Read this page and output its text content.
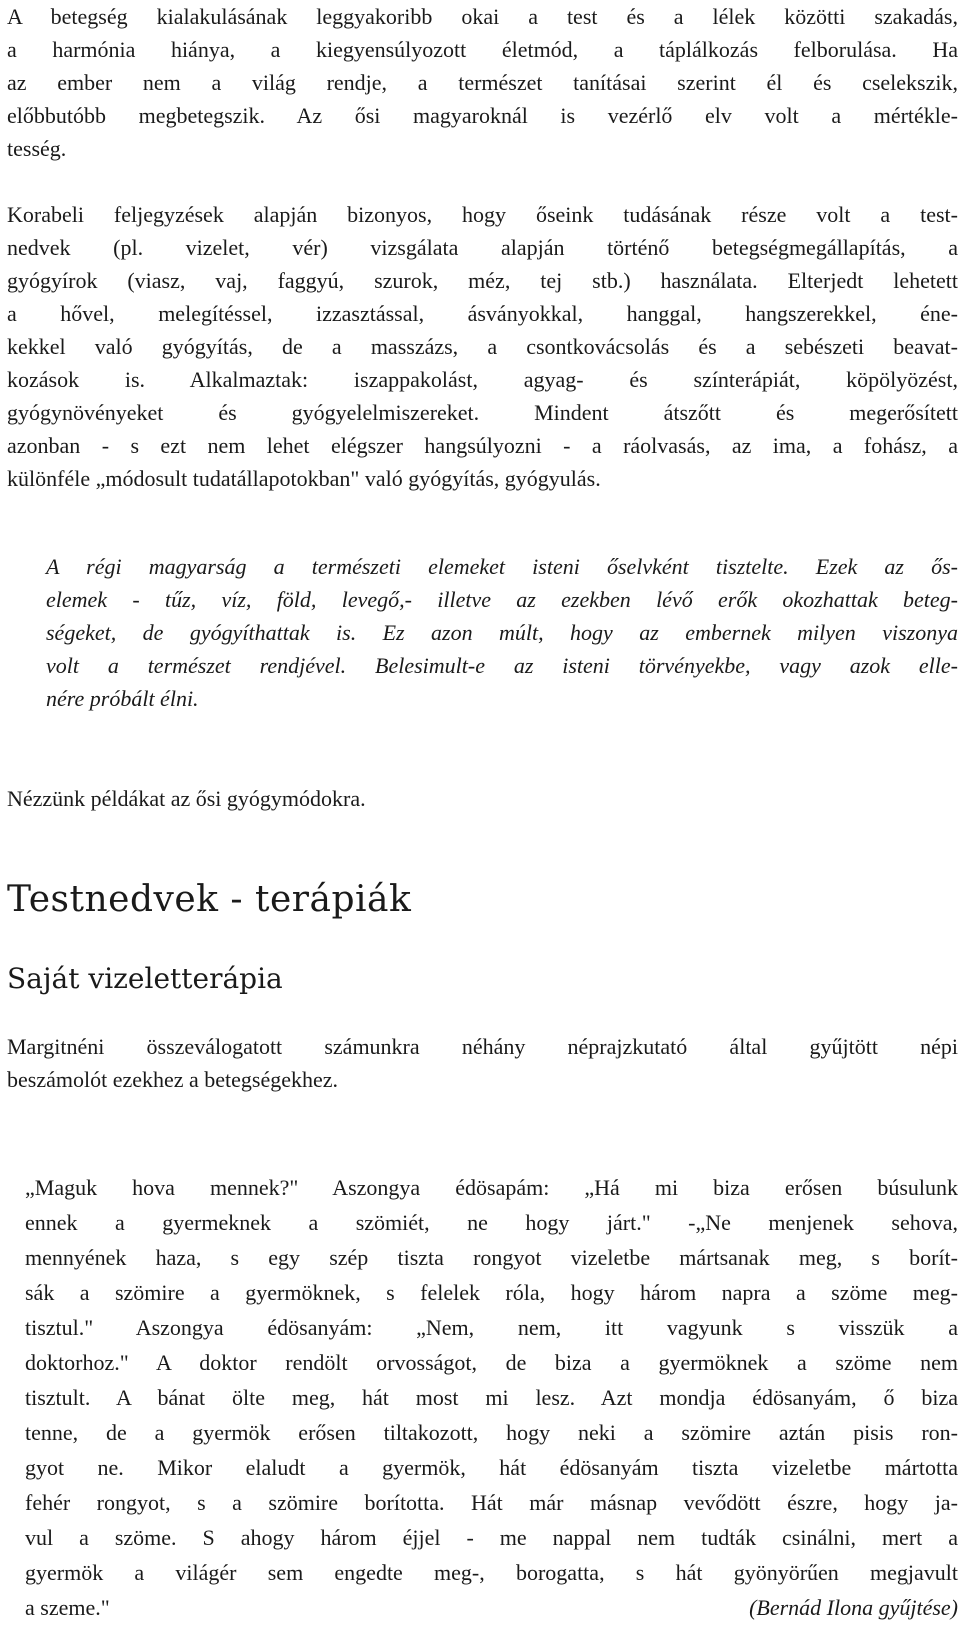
A betegség kialakulásának leggyakoribb okai a test és a lélek közötti szakadás,
a harmónia hiánya, a kiegyensúlyozott életmód, a táplálkozás felborulása. Ha
az ember nem a világ rendje, a természet tanításai szerint él és cselekszik,
előbbutóbb megbetegszik. Az ősi magyaroknál is vezérlő elv volt a mértékle-
tesség.
Korabeli feljegyzések alapján bizonyos, hogy őseink tudásának része volt a test-
nedvek (pl. vizelet, vér) vizsgálata alapján történő betegségmegállapítás, a
gyógyírok (viasz, vaj, faggyú, szurok, méz, tej stb.) használata. Elterjedt lehetett
a hővel, melegítéssel, izzasztással, ásványokkal, hanggal, hangszerekkel, éne-
kekkel való gyógyítás, de a masszázs, a csontkovácsolás és a sebészeti beavat-
kozások is. Alkalmaztak: iszappakolást, agyag- és színterápiát, köpölyözést,
gyógynövényeket és gyógyelelmiszereket. Mindent átszőtt és megerősített
azonban - s ezt nem lehet elégszer hangsúlyozni - a ráolvasás, az ima, a fohász, a
különféle „módosult tudatállapotokban" való gyógyítás, gyógyulás.
A régi magyarság a természeti elemeket isteni őselvként tisztelte. Ezek az ős-
elemek - tűz, víz, föld, levegő,- illetve az ezekben lévő erők okozhattak beteg-
ségeket, de gyógyíthattak is. Ez azon múlt, hogy az embernek milyen viszonya
volt a természet rendjével. Belesimult-e az isteni törvényekbe, vagy azok elle-
nére próbált élni.
Nézzünk példákat az ősi gyógymódokra.
Testnedvek - terápiák
Saját vizeletterápia
Margitnéni összeválogatott számunkra néhány néprajzkutató által gyűjtött népi
beszámolót ezekhez a betegségekhez.
„Maguk hova mennek?" Aszongya édösapám: „Há mi biza erősen búsulunk
ennek a gyermeknek a szömiét, ne hogy járt." -„Ne menjenek sehova,
mennyének haza, s egy szép tiszta rongyot vizeletbe mártsanak meg, s borít-
sák a szömire a gyermöknek, s felelek róla, hogy három napra a szöme meg-
tisztul." Aszongya édösanyám: „Nem, nem, itt vagyunk s visszük a
doktorhoz." A doktor rendölt orvosságot, de biza a gyermöknek a szöme nem
tisztult. A bánat ölte meg, hát most mi lesz. Azt mondja édösanyám, ő biza
tenne, de a gyermök erősen tiltakozott, hogy neki a szömire aztán pisis ron-
gyot ne. Mikor elaludt a gyermök, hát édösanyám tiszta vizeletbe mártotta
fehér rongyot, s a szömire borította. Hát már másnap vevődött észre, hogy ja-
vul a szöme. S ahogy három éjjel - me nappal nem tudták csinálni, mert a
gyermök a világér sem engedte meg-, borogatta, s hát gyönyörűen megjavult
a szeme."	(Bernád Ilona gyűjtése)
